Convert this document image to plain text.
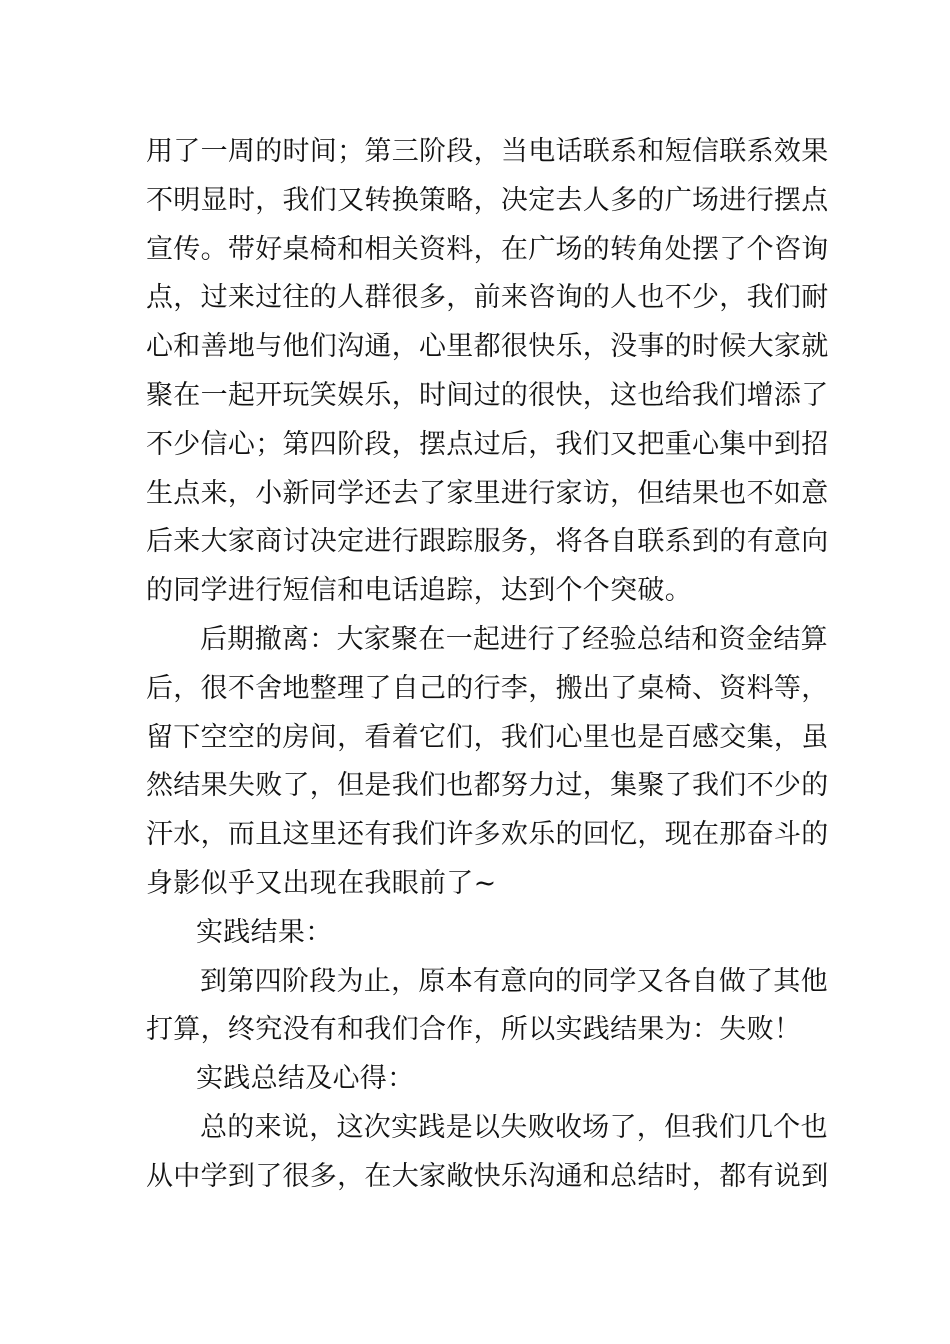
用了一周的时间；第三阶段，当电话联系和短信联系效果
不明显时，我们又转换策略，决定去人多的广场进行摆点
宣传。带好桌椅和相关资料，在广场的转角处摆了个咨询
点，过来过往的人群很多，前来咨询的人也不少，我们耐
心和善地与他们沟通，心里都很快乐，没事的时候大家就
聚在一起开玩笑娱乐，时间过的很快，这也给我们增添了
不少信心；第四阶段，摆点过后，我们又把重心集中到招
生点来，小新同学还去了家里进行家访，但结果也不如意
后来大家商讨决定进行跟踪服务，将各自联系到的有意向
的同学进行短信和电话追踪，达到个个突破。
后期撤离：大家聚在一起进行了经验总结和资金结算
后，很不舍地整理了自己的行李，搬出了桌椅、资料等，
留下空空的房间，看着它们，我们心里也是百感交集，虽
然结果失败了，但是我们也都努力过，集聚了我们不少的
汗水，而且这里还有我们许多欢乐的回忆，现在那奋斗的
身影似乎又出现在我眼前了~
实践结果：
到第四阶段为止，原本有意向的同学又各自做了其他
打算，终究没有和我们合作，所以实践结果为：失败！
实践总结及心得：
总的来说，这次实践是以失败收场了，但我们几个也
从中学到了很多，在大家敞快乐沟通和总结时，都有说到
